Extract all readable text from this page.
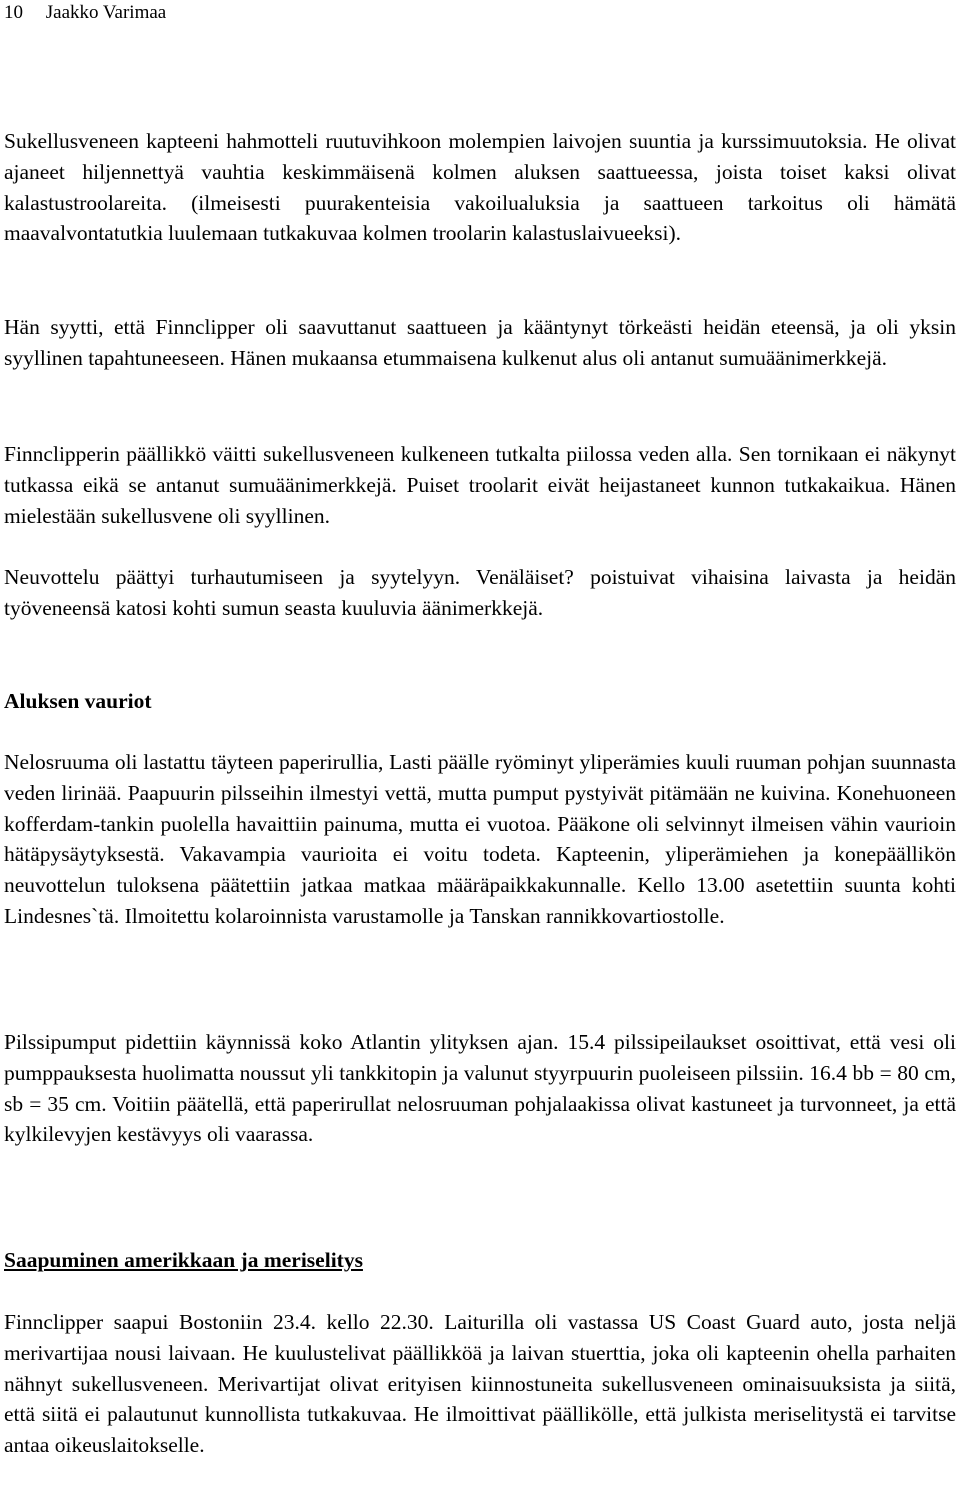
10 Jaakko Varimaa

Sukellusveneen kapteeni hahmotteli ruutuvihkoon molempien laivojen suuntia ja kurssimuutoksia. He olivat ajaneet hiljennettyä vauhtia keskimmäisenä kolmen aluksen saattueessa, joista toiset kaksi olivat kalastustroolareita. (ilmeisesti puurakenteisia vakoilualuksia ja saattueen tarkoitus oli hämätä maavalvontatutkia luulemaan tutkakuvaa kolmen troolarin kalastuslaivueeksi).

Hän syytti, että Finnclipper oli saavuttanut saattueen ja kääntynyt törkeästi heidän eteensä, ja oli yksin syyllinen tapahtuneeseen. Hänen mukaansa etummaisena kulkenut alus oli antanut sumuäänimerkkejä.

Finnclipperin päällikkö väitti sukellusveneen kulkeneen tutkalta piilossa veden alla. Sen tornikaan ei näkynyt tutkassa eikä se antanut sumuäänimerkkejä. Puiset troolarit eivät heijastaneet kunnon tutkakaikua. Hänen mielestään sukellusvene oli syyllinen.

Neuvottelu päättyi turhautumiseen ja syytelyyn. Venäläiset? poistuivat vihaisina laivasta ja heidän työveneensä katosi kohti sumun seasta kuuluvia äänimerkkejä.

Aluksen vauriot

Nelosruuma oli lastattu täyteen paperirullia, Lasti päälle ryöminyt yliperämies kuuli ruuman pohjan suunnasta veden lirinää. Paapuurin pilsseihin ilmestyi vettä, mutta pumput pystyivät pitämään ne kuivina. Konehuoneen kofferdam-tankin puolella havaittiin painuma, mutta ei vuotoa. Pääkone oli selvinnyt ilmeisen vähin vaurioin hätäpysäytyksestä. Vakavampia vaurioita ei voitu todeta. Kapteenin, yliperämiehen ja konepäällikön neuvottelun tuloksena päätettiin jatkaa matkaa määräpaikkakunnalle. Kello 13.00 asetettiin suunta kohti Lindesnes`tä. Ilmoitettu kolaroinnista varustamolle ja Tanskan rannikkovartiostolle.

Pilssipumput pidettiin käynnissä koko Atlantin ylityksen ajan. 15.4 pilssipeilaukset osoittivat, että vesi oli pumppauksesta huolimatta noussut yli tankkitopin ja valunut styyrpuurin puoleiseen pilssiin. 16.4 bb = 80 cm, sb = 35 cm. Voitiin päätellä, että paperirullat nelosruuman pohjalaakissa olivat kastuneet ja turvonneet, ja että kylkilevyjen kestävyys oli vaarassa.

Saapuminen amerikkaan ja meriselitys

Finnclipper saapui Bostoniin 23.4. kello 22.30. Laiturilla oli vastassa US Coast Guard auto, josta neljä merivartijaa nousi laivaan. He kuulustelivat päällikköä ja laivan stuerttia, joka oli kapteenin ohella parhaiten nähnyt sukellusveneen. Merivartijat olivat erityisen kiinnostuneita sukellusveneen ominaisuuksista ja siitä, että siitä ei palautunut kunnollista tutkakuvaa. He ilmoittivat päällikölle, että julkista meriselitystä ei tarvitse antaa oikeuslaitokselle.
